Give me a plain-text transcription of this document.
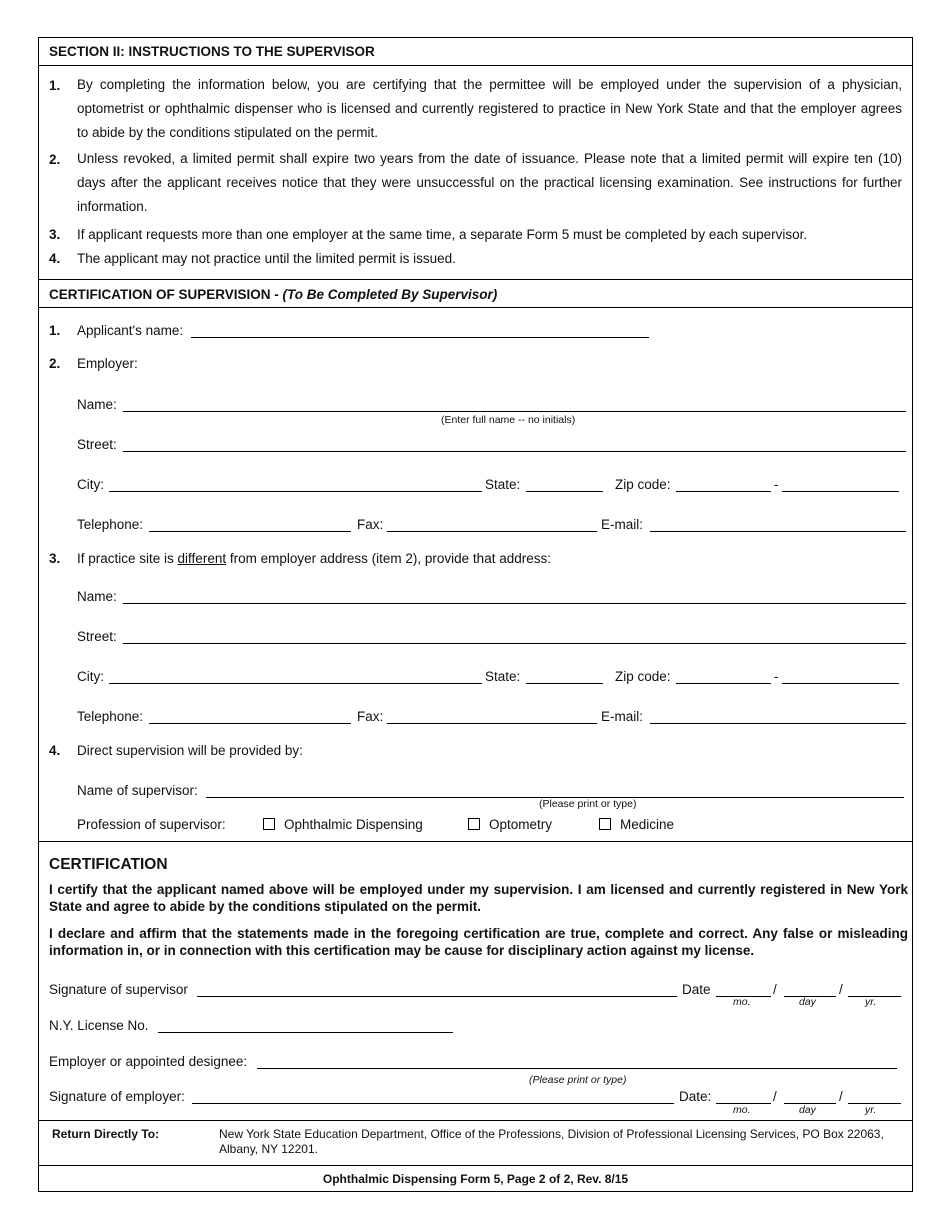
SECTION II: INSTRUCTIONS TO THE SUPERVISOR
1. By completing the information below, you are certifying that the permittee will be employed under the supervision of a physician, optometrist or ophthalmic dispenser who is licensed and currently registered to practice in New York State and that the employer agrees to abide by the conditions stipulated on the permit.
2. Unless revoked, a limited permit shall expire two years from the date of issuance. Please note that a limited permit will expire ten (10) days after the applicant receives notice that they were unsuccessful on the practical licensing examination. See instructions for further information.
3. If applicant requests more than one employer at the same time, a separate Form 5 must be completed by each supervisor.
4. The applicant may not practice until the limited permit is issued.
CERTIFICATION OF SUPERVISION - (To Be Completed By Supervisor)
1. Applicant's name:
2. Employer:
Name:
(Enter full name -- no initials)
Street:
City:	State:	Zip code:	-
Telephone:	Fax:	E-mail:
3. If practice site is different from employer address (item 2), provide that address:
Name:
Street:
City:	State:	Zip code:	-
Telephone:	Fax:	E-mail:
4. Direct supervision will be provided by:
Name of supervisor:
(Please print or type)
Profession of supervisor:	Ophthalmic Dispensing	Optometry	Medicine
CERTIFICATION
I certify that the applicant named above will be employed under my supervision. I am licensed and currently registered in New York State and agree to abide by the conditions stipulated on the permit.
I declare and affirm that the statements made in the foregoing certification are true, complete and correct. Any false or misleading information in, or in connection with this certification may be cause for disciplinary action against my license.
Signature of supervisor	Date	/	/
mo.	day	yr.
N.Y. License No.
Employer or appointed designee:
(Please print or type)
Signature of employer:	Date:	/	/
mo.	day	yr.
Return Directly To:	New York State Education Department, Office of the Professions, Division of Professional Licensing Services, PO Box 22063, Albany, NY 12201.
Ophthalmic Dispensing Form 5, Page 2 of 2, Rev. 8/15
